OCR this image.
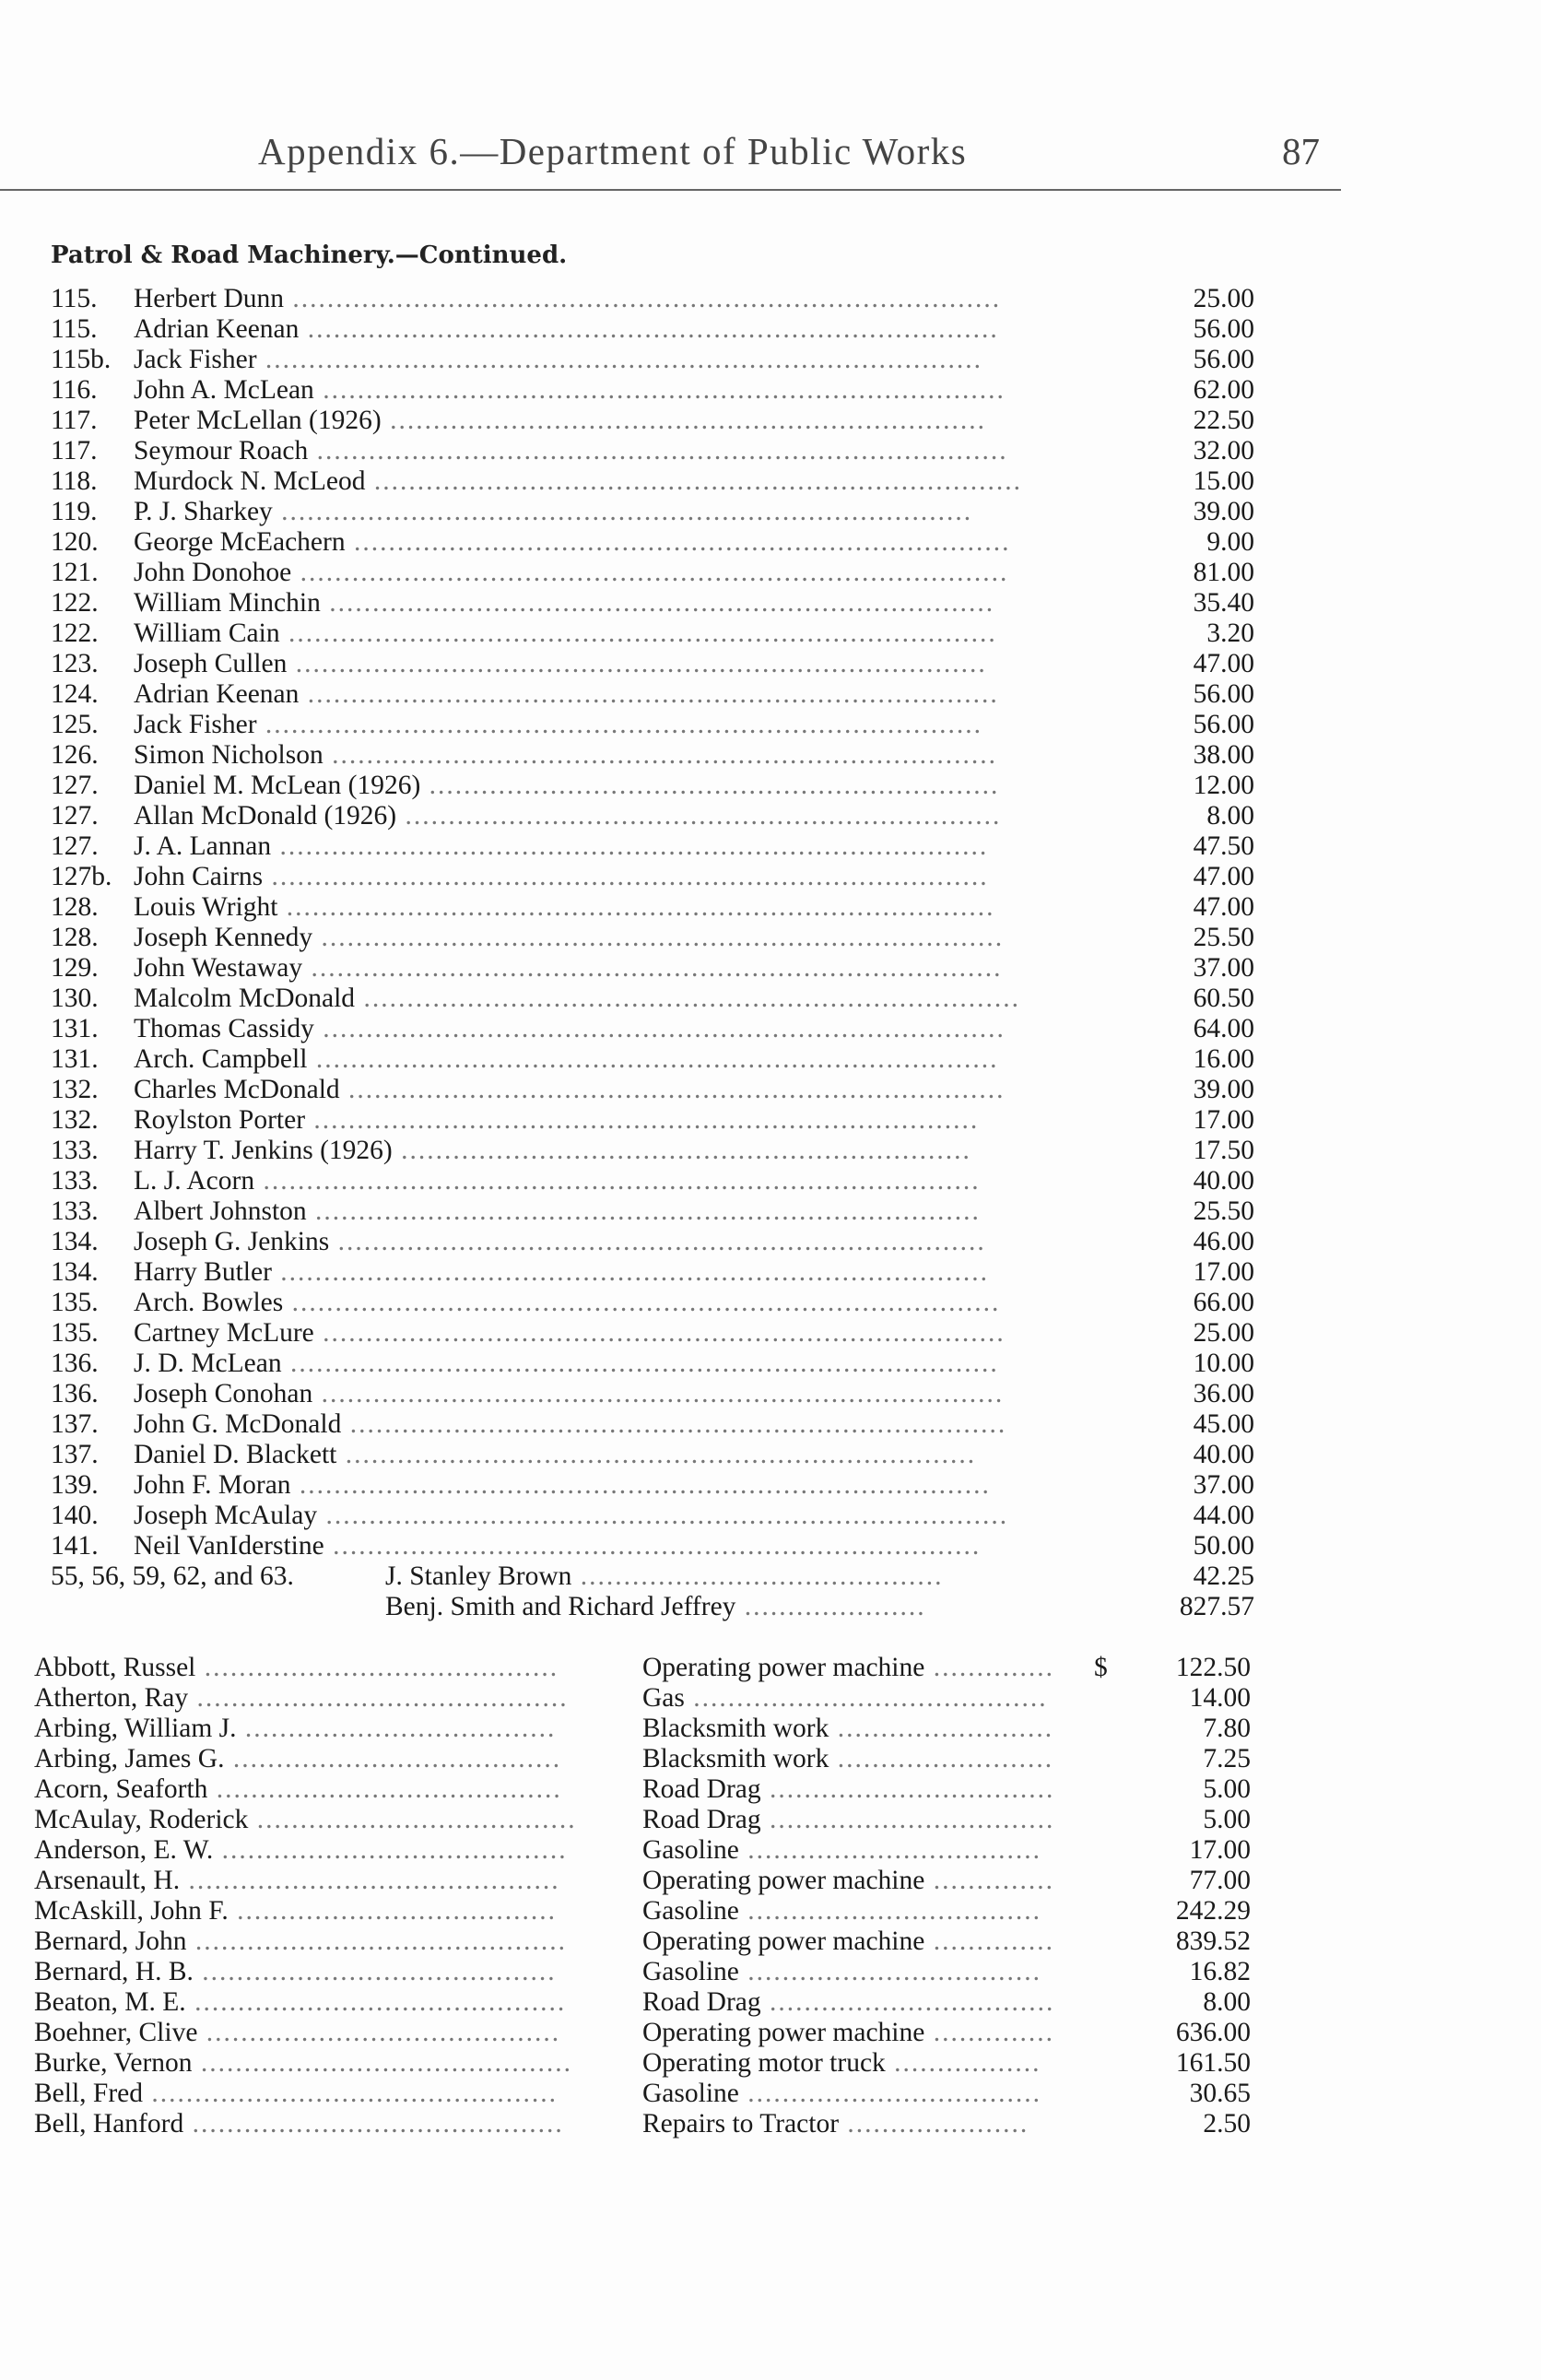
Appendix 6.—Department of Public Works	87
Patrol & Road Machinery.—Continued.
115. Herbert Dunn ..................................................................................	25.00
115. Adrian Keenan ................................................................................	56.00
115b. Jack Fisher ...................................................................................	56.00
116. John A. McLean ...............................................................................	62.00
117. Peter McLellan (1926) .....................................................................	22.50
117. Seymour Roach ................................................................................	32.00
118. Murdock N. McLeod ...........................................................................	15.00
119. P. J. Sharkey ................................................................................	39.00
120. George McEachern ............................................................................	9.00
121. John Donohoe ..................................................................................	81.00
122. William Minchin .............................................................................	35.40
122. William Cain ..................................................................................	3.20
123. Joseph Cullen ................................................................................	47.00
124. Adrian Keenan ................................................................................	56.00
125. Jack Fisher ...................................................................................	56.00
126. Simon Nicholson .............................................................................	38.00
127. Daniel M. McLean (1926) ..................................................................	12.00
127. Allan McDonald (1926) .....................................................................	8.00
127. J. A. Lannan ..................................................................................	47.50
127b. John Cairns ...................................................................................	47.00
128. Louis Wright ..................................................................................	47.00
128. Joseph Kennedy ...............................................................................	25.50
129. John Westaway ................................................................................	37.00
130. Malcolm McDonald ............................................................................	60.50
131. Thomas Cassidy ...............................................................................	64.00
131. Arch. Campbell ...............................................................................	16.00
132. Charles McDonald ............................................................................	39.00
132. Roylston Porter .............................................................................	17.00
133. Harry T. Jenkins (1926) ..................................................................	17.50
133. L. J. Acorn ...................................................................................	40.00
133. Albert Johnston .............................................................................	25.50
134. Joseph G. Jenkins ...........................................................................	46.00
134. Harry Butler ..................................................................................	17.00
135. Arch. Bowles ..................................................................................	66.00
135. Cartney McLure ...............................................................................	25.00
136. J. D. McLean ..................................................................................	10.00
136. Joseph Conohan ...............................................................................	36.00
137. John G. McDonald ............................................................................	45.00
137. Daniel D. Blackett .........................................................................	40.00
139. John F. Moran ................................................................................	37.00
140. Joseph McAulay ...............................................................................	44.00
141. Neil VanIderstine ...........................................................................	50.00
55, 56, 59, 62, and 63.	J. Stanley Brown ..........................................	42.25
Benj. Smith and Richard Jeffrey .....................	827.57
Abbott, Russel .........................................	Operating power machine .............. $	122.50
Atherton, Ray ...........................................	Gas .........................................	14.00
Arbing, William J. ....................................	Blacksmith work .........................	7.80
Arbing, James G. ......................................	Blacksmith work .........................	7.25
Acorn, Seaforth ........................................	Road Drag .................................	5.00
McAulay, Roderick ..................................... Road Drag .................................	5.00
Anderson, E. W. ........................................	Gasoline ..................................	17.00
Arsenault, H. ...........................................	Operating power machine ..............	77.00
McAskill, John F. .....................................	Gasoline ..................................	242.29
Bernard, John ...........................................	Operating power machine ..............	839.52
Bernard, H. B. .........................................	Gasoline ..................................	16.82
Beaton, M. E. ...........................................	Road Drag .................................	8.00
Boehner, Clive .........................................	Operating power machine ..............	636.00
Burke, Vernon ...........................................	Operating motor truck .................	161.50
Bell, Fred ...............................................	Gasoline ..................................	30.65
Bell, Hanford ...........................................	Repairs to Tractor .....................	2.50
